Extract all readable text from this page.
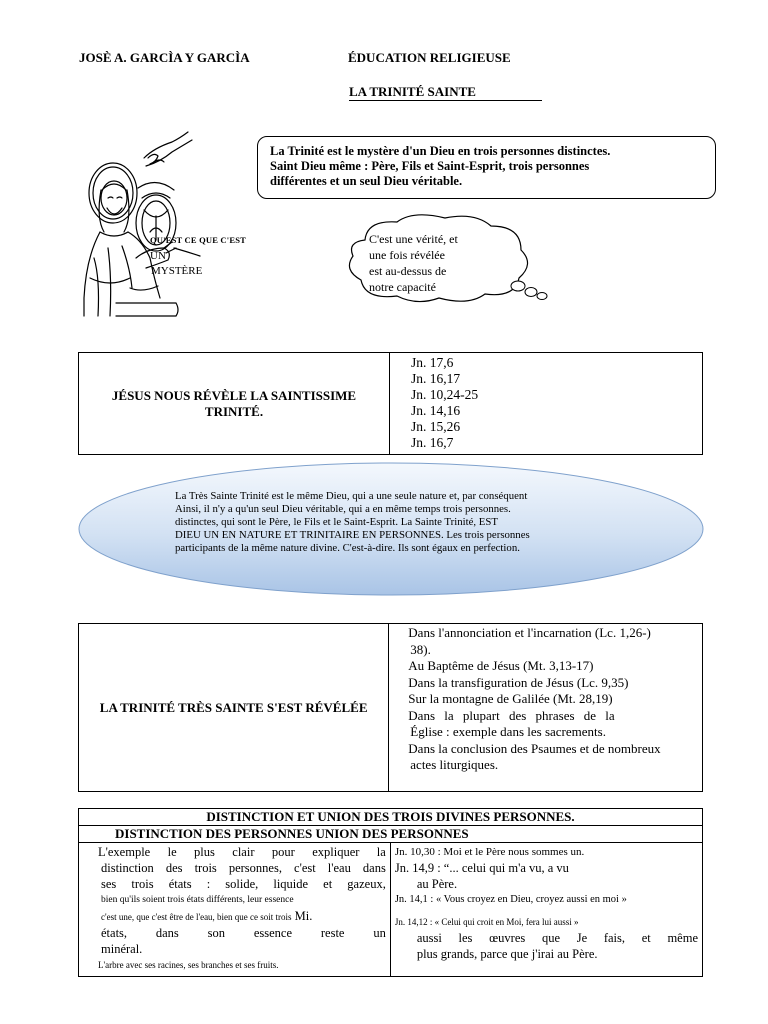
JOSÈ A. GARCÌA Y GARCÌA	ÉDUCATION RELIGIEUSE
LA TRINITÉ SAINTE
QU'EST CE QUE C'EST
UN
MYSTÈRE
La Trinité est le mystère d'un Dieu en trois personnes distinctes.
Saint Dieu même : Père, Fils et Saint-Esprit, trois personnes
différentes et un seul Dieu véritable.
C'est une vérité, et
une fois révélée
est au-dessus de
notre capacité
JÉSUS NOUS RÉVÈLE LA SAINTISSIME TRINITÉ.

Jn. 17,6
Jn. 16,17
Jn. 10,24-25
Jn. 14,16
Jn. 15,26
Jn. 16,7
La Très Sainte Trinité est le même Dieu, qui a une seule nature et, par conséquent
Ainsi, il n'y a qu'un seul Dieu véritable, qui a en même temps trois personnes.
distinctes, qui sont le Père, le Fils et le Saint-Esprit. La Sainte Trinité, EST
DIEU UN EN NATURE ET TRINITAIRE EN PERSONNES. Les trois personnes
participants de la même nature divine. C'est-à-dire. Ils sont égaux en perfection.
LA TRINITÉ TRÈS SAINTE S'EST RÉVÉLÉE

Dans l'annonciation et l'incarnation (Lc. 1,26-)
38).
Au Baptême de Jésus (Mt. 3,13-17)
Dans la transfiguration de Jésus (Lc. 9,35)
Sur la montagne de Galilée (Mt. 28,19)
Dans la plupart des phrases de la
Église : exemple dans les sacrements.
Dans la conclusion des Psaumes et de nombreux
actes liturgiques.
DISTINCTION ET UNION DES TROIS DIVINES PERSONNES.
DISTINCTION DES PERSONNES UNION DES PERSONNES

L'exemple le plus clair pour expliquer la
distinction des trois personnes, c'est l'eau dans
ses trois états : solide, liquide et gazeux,
bien qu'ils soient trois états différents, leur essence
c'est une, que c'est être de l'eau, bien que ce soit trois Mi.
états, dans son essence reste un
minéral.
L'arbre avec ses racines, ses branches et ses fruits.

Jn. 10,30 : Moi et le Père nous sommes un.
Jn. 14,9 : “... celui qui m'a vu, a vu
au Père.
Jn. 14,1 : « Vous croyez en Dieu, croyez aussi en moi »
Jn. 14,12 : « Celui qui croit en Moi, fera lui aussi »
aussi les œuvres que Je fais, et même
plus grands, parce que j'irai au Père.
